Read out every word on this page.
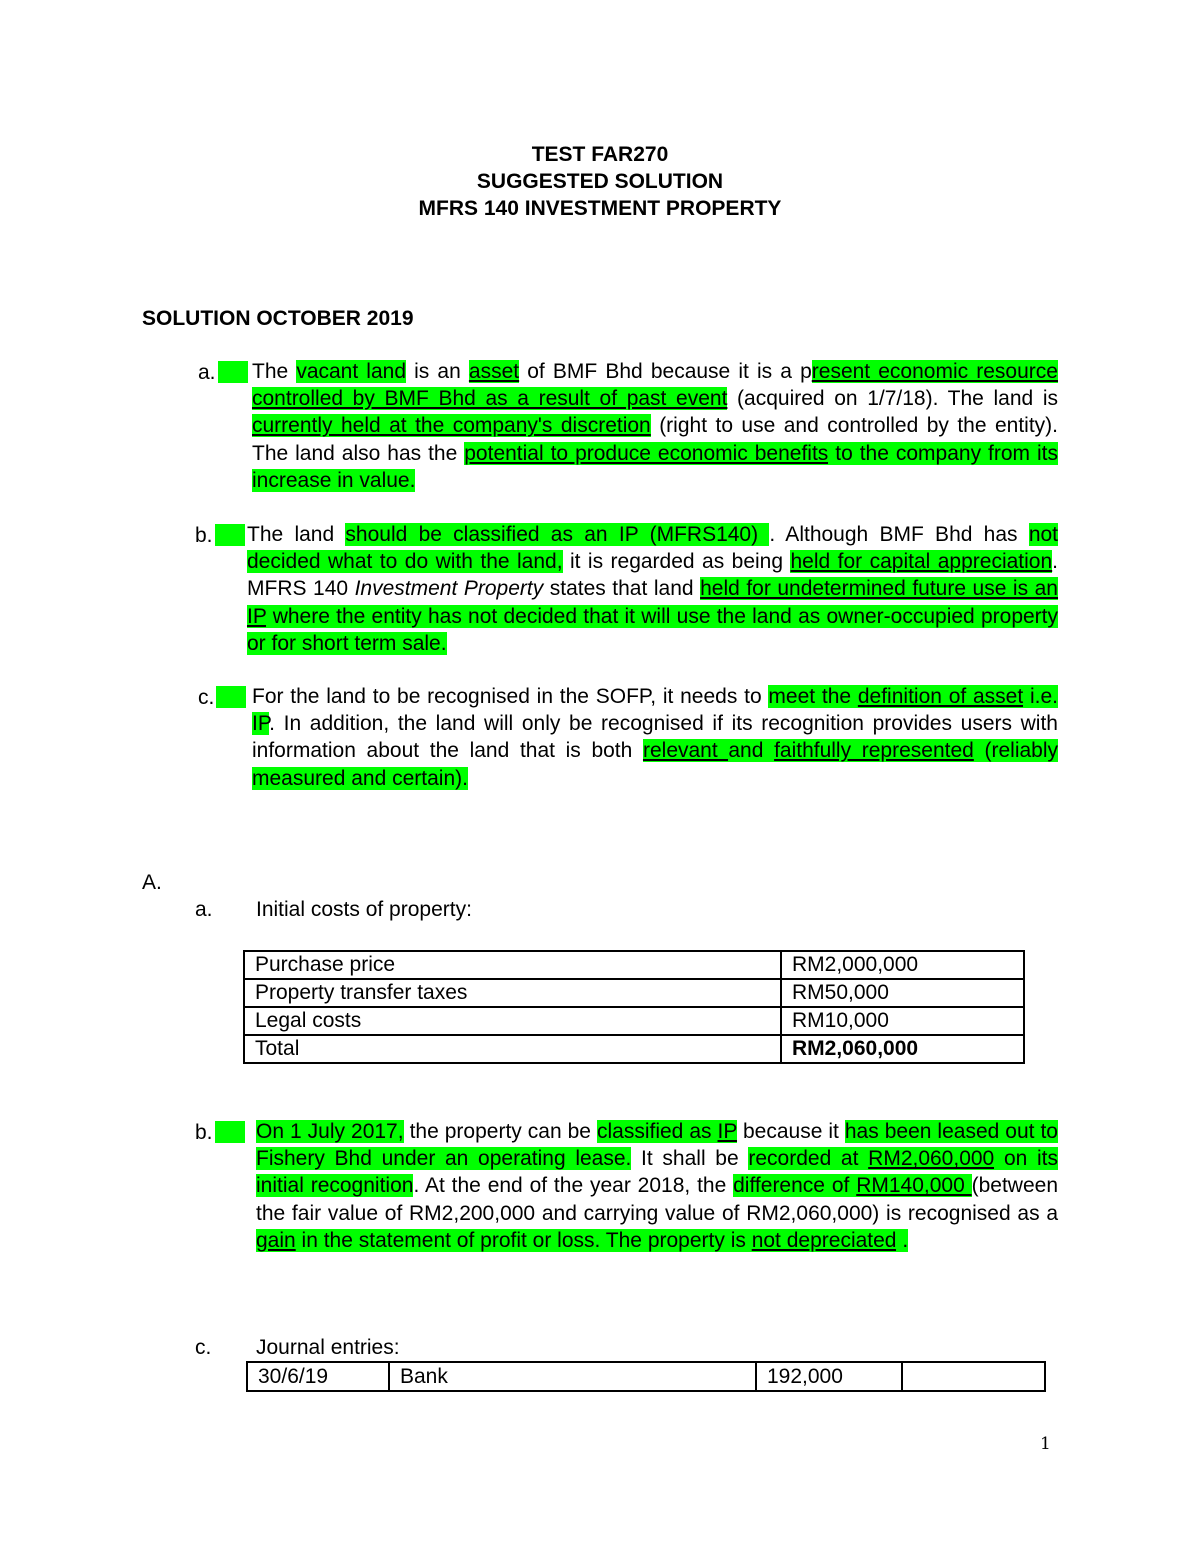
TEST FAR270
SUGGESTED SOLUTION
MFRS 140 INVESTMENT PROPERTY
SOLUTION OCTOBER 2019
a.	The vacant land is an asset of BMF Bhd because it is a present economic resource controlled by BMF Bhd as a result of past event (acquired on 1/7/18). The land is currently held at the company's discretion (right to use and controlled by the entity). The land also has the potential to produce economic benefits to the company from its increase in value.
b.	The land should be classified as an IP (MFRS140) . Although BMF Bhd has not decided what to do with the land, it is regarded as being held for capital appreciation. MFRS 140 Investment Property states that land held for undetermined future use is an IP where the entity has not decided that it will use the land as owner-occupied property or for short term sale.
c.	For the land to be recognised in the SOFP, it needs to meet the definition of asset i.e. IP. In addition, the land will only be recognised if its recognition provides users with information about the land that is both relevant and faithfully represented (reliably measured and certain).
A.
a. Initial costs of property:
Purchase price	RM2,000,000
Property transfer taxes	RM50,000
Legal costs	RM10,000
Total	RM2,060,000
b.	On 1 July 2017, the property can be classified as IP because it has been leased out to Fishery Bhd under an operating lease. It shall be recorded at RM2,060,000 on its initial recognition. At the end of the year 2018, the difference of RM140,000 (between the fair value of RM2,200,000 and carrying value of RM2,060,000) is recognised as a gain in the statement of profit or loss. The property is not depreciated .
c. Journal entries:
30/6/19	Bank	192,000	
1
